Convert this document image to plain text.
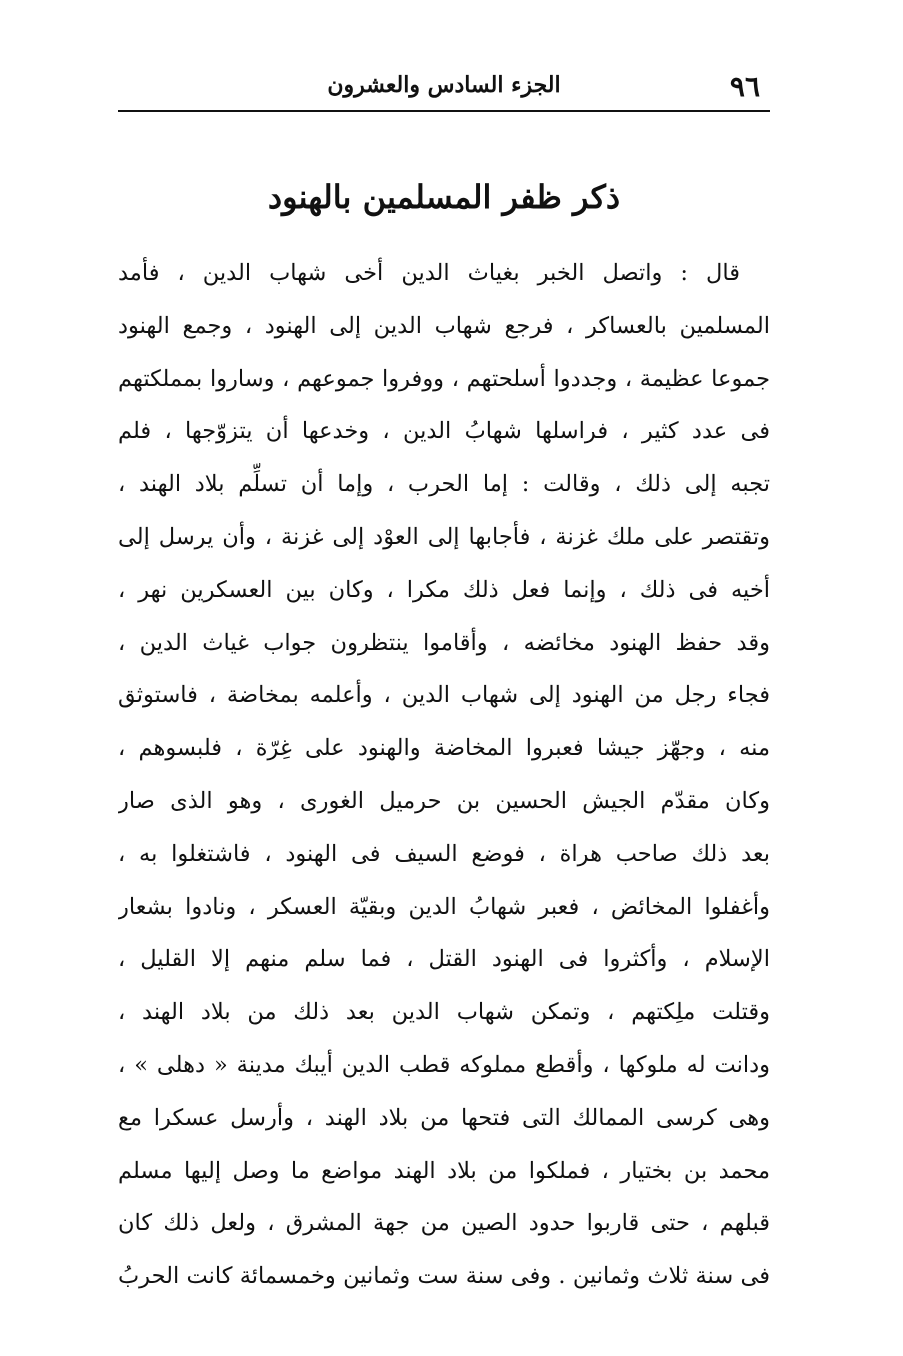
٩٦
الجزء السادس والعشرون
ذكر ظفر المسلمين بالهنود
قال : واتصل الخبر بغياث الدين أخى شهاب الدين ، فأمد
المسلمين بالعساكر ، فرجع شهاب الدين إلى الهنود ، وجمع الهنود
جموعا عظيمة ، وجددوا أسلحتهم ، ووفروا جموعهم ، وساروا بمملكتهم
فى عدد كثير ، فراسلها شهابُ الدين ، وخدعها أن يتزوّجها ، فلم
تجبه إلى ذلك ، وقالت : إما الحرب ، وإما أن تسلِّم بلاد الهند ،
وتقتصر على ملك غزنة ، فأجابها إلى العوْد إلى غزنة ، وأن يرسل إلى
أخيه فى ذلك ، وإنما فعل ذلك مكرا ، وكان بين العسكرين نهر ،
وقد حفظ الهنود مخائضه ، وأقاموا ينتظرون جواب غياث الدين ،
فجاء رجل من الهنود إلى شهاب الدين ، وأعلمه بمخاضة ، فاستوثق
منه ، وجهّز جيشا فعبروا المخاضة والهنود على غِرّة ، فلبسوهم ،
وكان مقدّم الجيش الحسين بن حرميل الغورى ، وهو الذى صار
بعد ذلك صاحب هراة ، فوضع السيف فى الهنود ، فاشتغلوا به ،
وأغفلوا المخائض ، فعبر شهابُ الدين وبقيّة العسكر ، ونادوا بشعار
الإسلام ، وأكثروا فى الهنود القتل ، فما سلم منهم إلا القليل ،
وقتلت ملِكتهم ، وتمكن شهاب الدين بعد ذلك من بلاد الهند ،
ودانت له ملوكها ، وأقطع مملوكه قطب الدين أيبك مدينة « دهلى » ،
وهى كرسى الممالك التى فتحها من بلاد الهند ، وأرسل عسكرا مع
محمد بن بختيار ، فملكوا من بلاد الهند مواضع ما وصل إليها مسلم
قبلهم ، حتى قاربوا حدود الصين من جهة المشرق ، ولعل ذلك كان
فى سنة ثلاث وثمانين . وفى سنة ست وثمانين وخمسمائة كانت الحربُ
